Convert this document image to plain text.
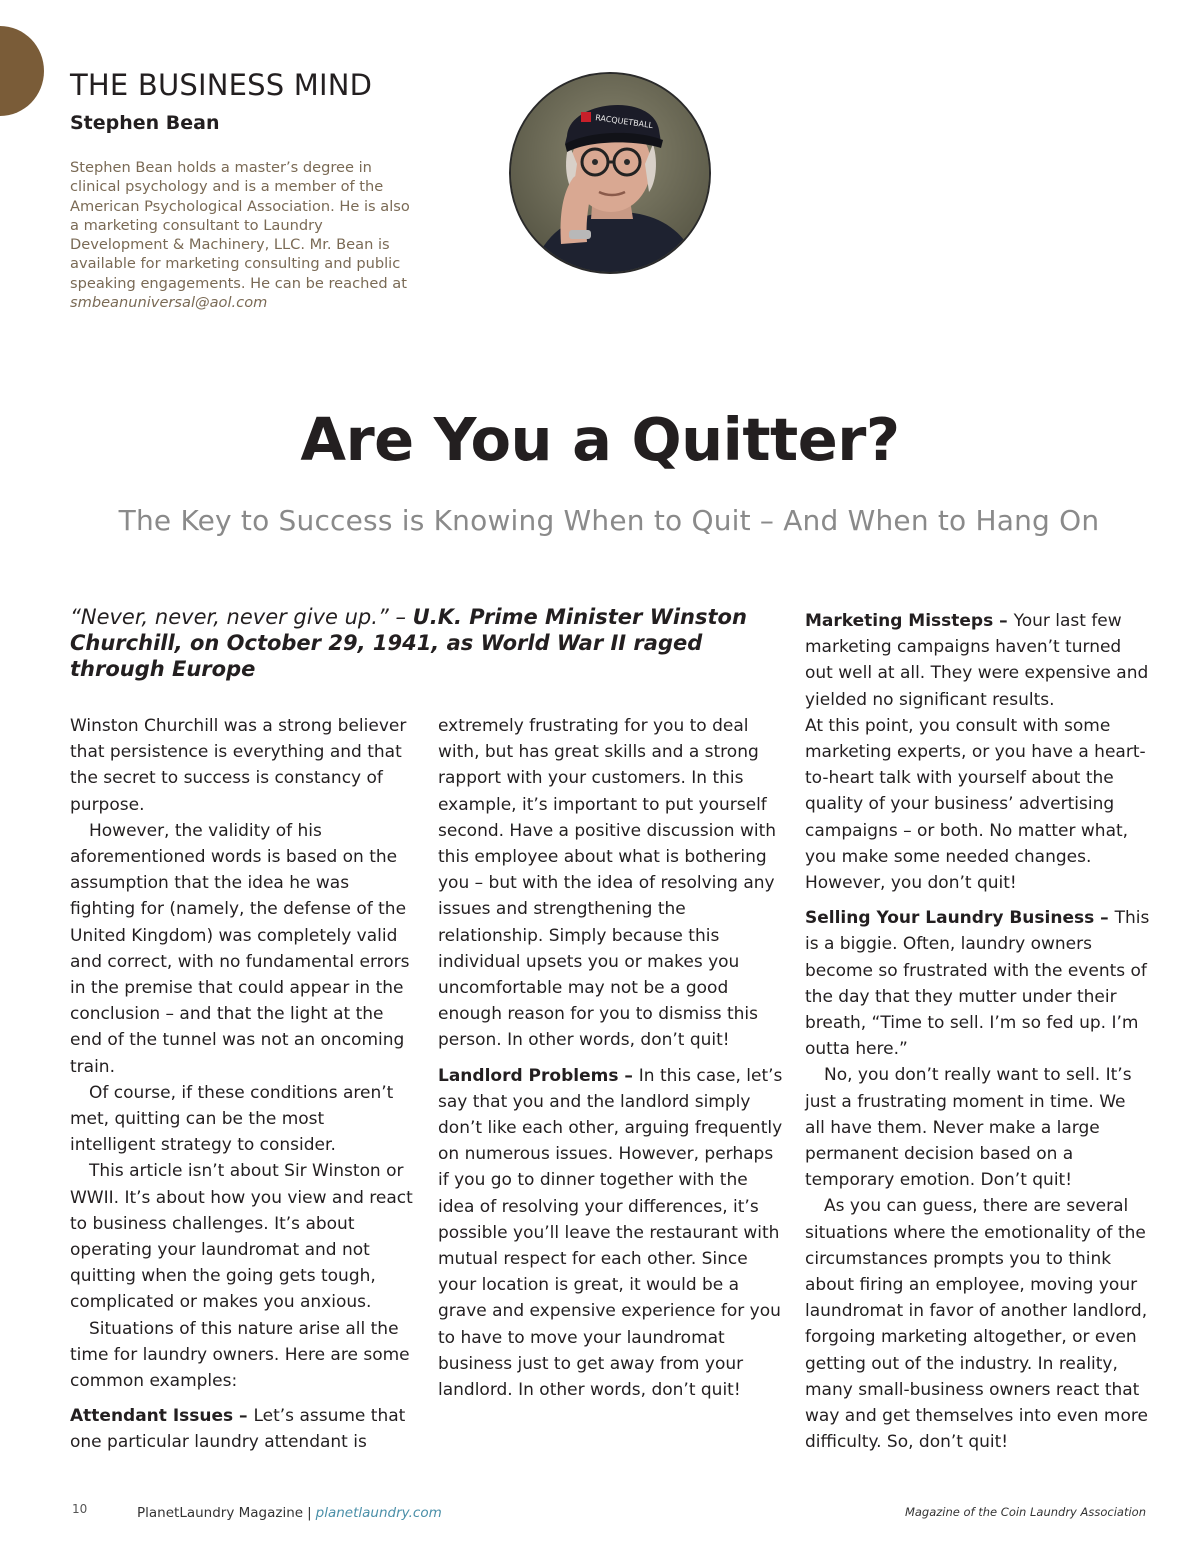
THE BUSINESS MIND
Stephen Bean
Stephen Bean holds a master’s degree in clinical psychology and is a member of the American Psychological Association. He is also a marketing consultant to Laundry Development & Machinery, LLC. Mr. Bean is available for marketing consulting and public speaking engagements. He can be reached at smbeanuniversal@aol.com
RACQUETBALL
Are You a Quitter?
The Key to Success is Knowing When to Quit – And When to Hang On
“Never, never, never give up.” – U.K. Prime Minister Winston Churchill, on October 29, 1941, as World War II raged through Europe

Winston Churchill was a strong believer that persistence is everything and that the secret to success is constancy of purpose.

However, the validity of his aforementioned words is based on the assumption that the idea he was fighting for (namely, the defense of the United Kingdom) was completely valid and correct, with no fundamental errors in the premise that could appear in the conclusion – and that the light at the end of the tunnel was not an oncoming train.

Of course, if these conditions aren’t met, quitting can be the most intelligent strategy to consider.

This article isn’t about Sir Winston or WWII. It’s about how you view and react to business challenges. It’s about operating your laundromat and not quitting when the going gets tough, complicated or makes you anxious.

Situations of this nature arise all the time for laundry owners. Here are some common examples:

Attendant Issues – Let’s assume that one particular laundry attendant is

extremely frustrating for you to deal with, but has great skills and a strong rapport with your customers. In this example, it’s important to put yourself second. Have a positive discussion with this employee about what is bothering you – but with the idea of resolving any issues and strengthening the relationship. Simply because this individual upsets you or makes you uncomfortable may not be a good enough reason for you to dismiss this person. In other words, don’t quit!

Landlord Problems – In this case, let’s say that you and the landlord simply don’t like each other, arguing frequently on numerous issues. However, perhaps if you go to dinner together with the idea of resolving your differences, it’s possible you’ll leave the restaurant with mutual respect for each other. Since your location is great, it would be a grave and expensive experience for you to have to move your laundromat business just to get away from your landlord. In other words, don’t quit!

Marketing Missteps – Your last few marketing campaigns haven’t turned out well at all. They were expensive and yielded no significant results.

At this point, you consult with some marketing experts, or you have a heart-to-heart talk with yourself about the quality of your business’ advertising campaigns – or both. No matter what, you make some needed changes. However, you don’t quit!

Selling Your Laundry Business – This is a biggie. Often, laundry owners become so frustrated with the events of the day that they mutter under their breath, “Time to sell. I’m so fed up. I’m outta here.”

No, you don’t really want to sell. It’s just a frustrating moment in time. We all have them. Never make a large permanent decision based on a temporary emotion. Don’t quit!

As you can guess, there are several situations where the emotionality of the circumstances prompts you to think about firing an employee, moving your laundromat in favor of another landlord, forgoing marketing altogether, or even getting out of the industry. In reality, many small-business owners react that way and get themselves into even more difficulty. So, don’t quit!

10	PlanetLaundry Magazine | planetlaundry.com	Magazine of the Coin Laundry Association
